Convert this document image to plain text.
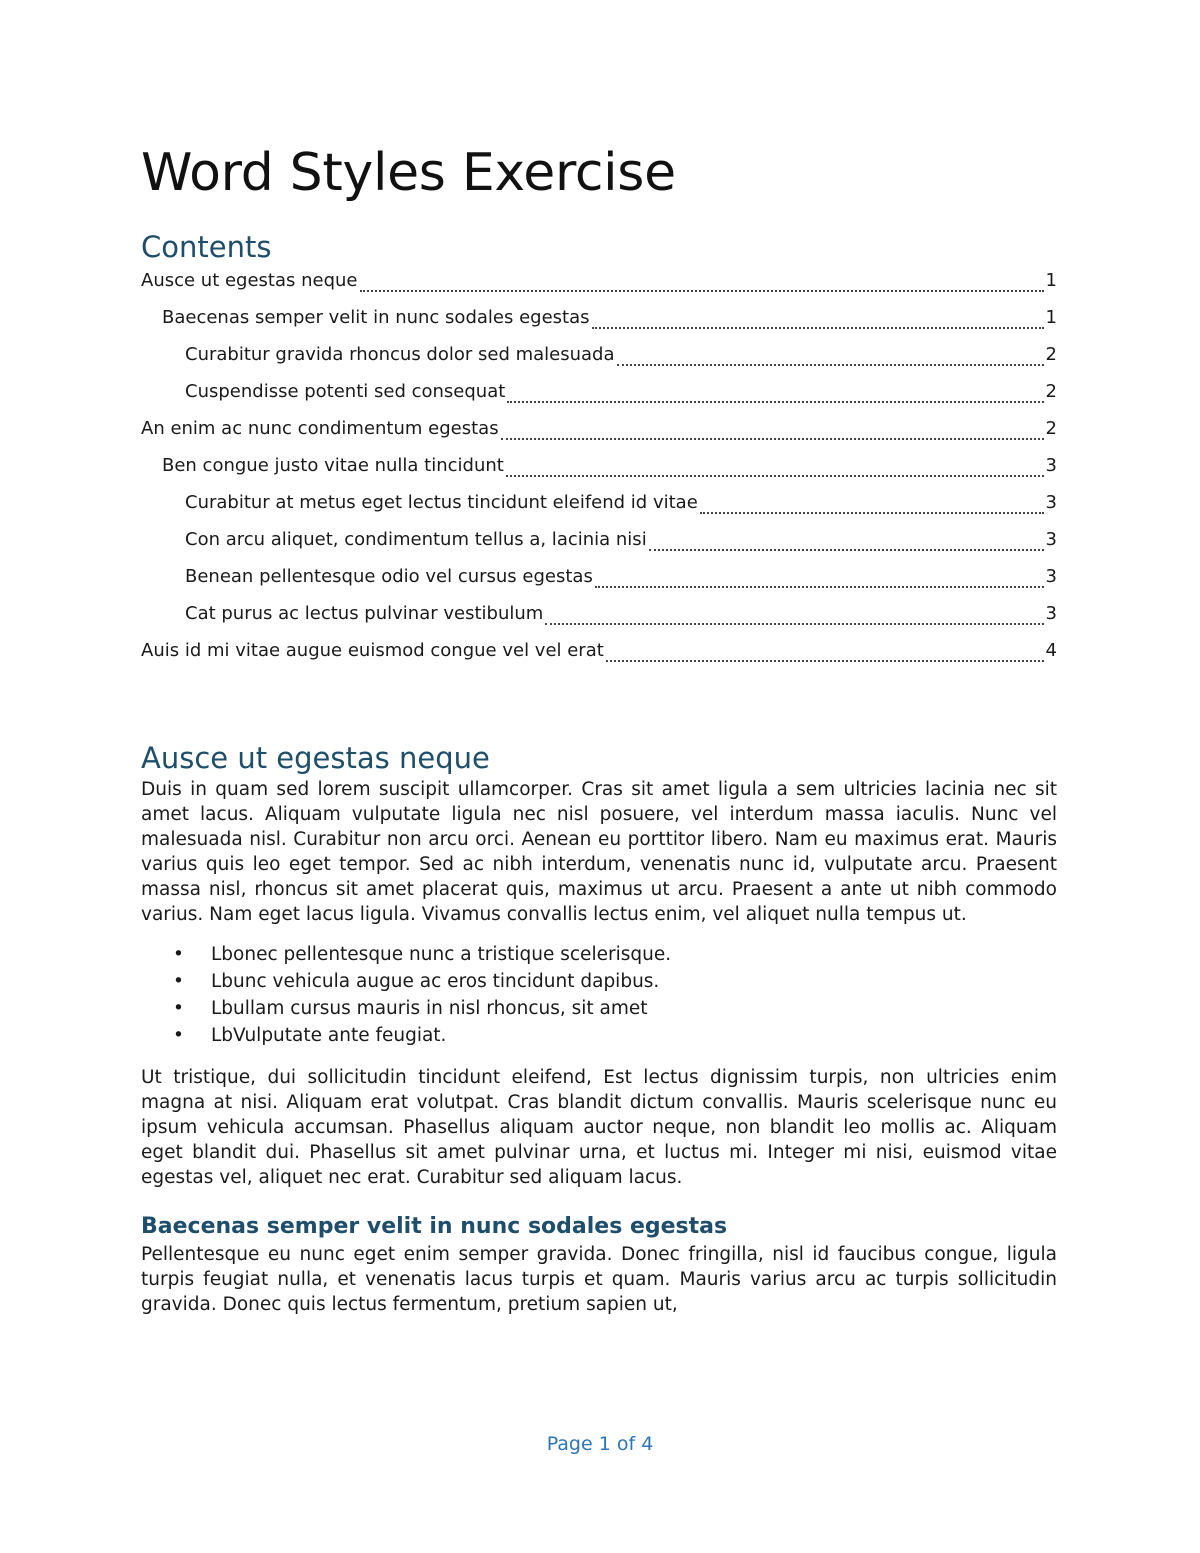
Word Styles Exercise
Contents
Ausce ut egestas neque	1
Baecenas semper velit in nunc sodales egestas	1
Curabitur gravida rhoncus dolor sed malesuada	2
Cuspendisse potenti sed consequat	2
An enim ac nunc condimentum egestas	2
Ben congue justo vitae nulla tincidunt	3
Curabitur at metus eget lectus tincidunt eleifend id vitae	3
Con arcu aliquet, condimentum tellus a, lacinia nisi	3
Benean pellentesque odio vel cursus egestas	3
Cat purus ac lectus pulvinar vestibulum	3
Auis id mi vitae augue euismod congue vel vel erat	4
Ausce ut egestas neque

Duis in quam sed lorem suscipit ullamcorper. Cras sit amet ligula a sem ultricies lacinia nec sit amet lacus. Aliquam vulputate ligula nec nisl posuere, vel interdum massa iaculis. Nunc vel malesuada nisl. Curabitur non arcu orci. Aenean eu porttitor libero. Nam eu maximus erat. Mauris varius quis leo eget tempor. Sed ac nibh interdum, venenatis nunc id, vulputate arcu. Praesent massa nisl, rhoncus sit amet placerat quis, maximus ut arcu. Praesent a ante ut nibh commodo varius. Nam eget lacus ligula. Vivamus convallis lectus enim, vel aliquet nulla tempus ut.

• Lbonec pellentesque nunc a tristique scelerisque.
• Lbunc vehicula augue ac eros tincidunt dapibus.
• Lbullam cursus mauris in nisl rhoncus, sit amet
• LbVulputate ante feugiat.

Ut tristique, dui sollicitudin tincidunt eleifend, Est lectus dignissim turpis, non ultricies enim magna at nisi. Aliquam erat volutpat. Cras blandit dictum convallis. Mauris scelerisque nunc eu ipsum vehicula accumsan. Phasellus aliquam auctor neque, non blandit leo mollis ac. Aliquam eget blandit dui. Phasellus sit amet pulvinar urna, et luctus mi. Integer mi nisi, euismod vitae egestas vel, aliquet nec erat. Curabitur sed aliquam lacus.

Baecenas semper velit in nunc sodales egestas

Pellentesque eu nunc eget enim semper gravida. Donec fringilla, nisl id faucibus congue, ligula turpis feugiat nulla, et venenatis lacus turpis et quam. Mauris varius arcu ac turpis sollicitudin gravida. Donec quis lectus fermentum, pretium sapien ut,

Page 1 of 4
